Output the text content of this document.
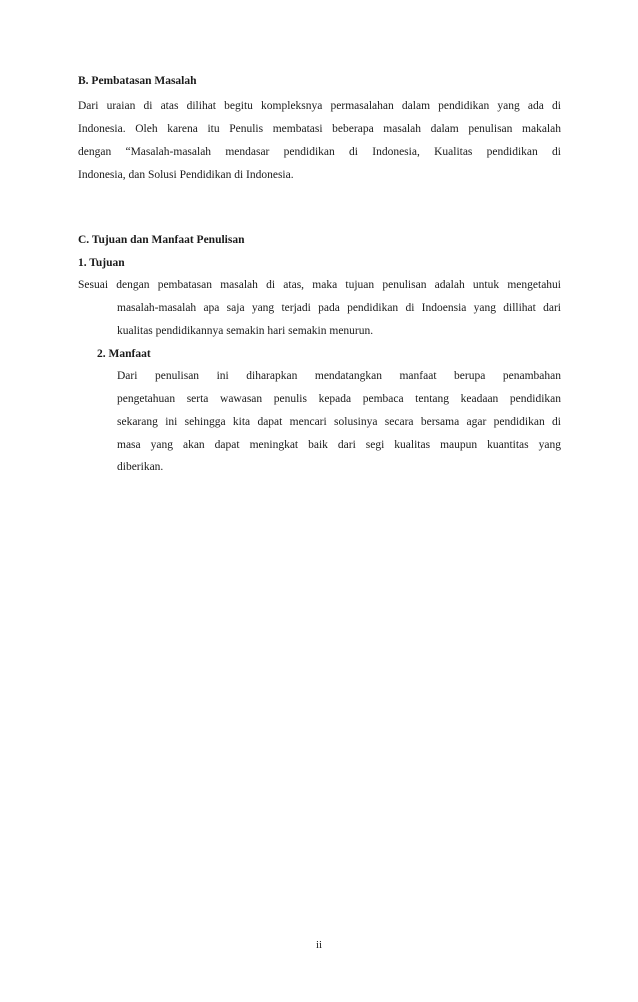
B. Pembatasan Masalah
Dari uraian di atas dilihat begitu kompleksnya permasalahan dalam pendidikan yang ada di
Indonesia. Oleh karena itu Penulis membatasi beberapa masalah dalam penulisan makalah
dengan “Masalah-masalah mendasar pendidikan di Indonesia, Kualitas pendidikan di
Indonesia, dan Solusi Pendidikan di Indonesia.
C. Tujuan dan Manfaat Penulisan
1. Tujuan
Sesuai dengan pembatasan masalah di atas, maka tujuan penulisan adalah untuk mengetahui
masalah-masalah apa saja yang terjadi pada pendidikan di Indoensia yang dillihat dari
kualitas pendidikannya semakin hari semakin menurun.
2. Manfaat
Dari penulisan ini diharapkan mendatangkan manfaat berupa penambahan
pengetahuan serta wawasan penulis kepada pembaca tentang keadaan pendidikan
sekarang ini sehingga kita dapat mencari solusinya secara bersama agar pendidikan di
masa yang akan dapat meningkat baik dari segi kualitas maupun kuantitas yang
diberikan.
ii
